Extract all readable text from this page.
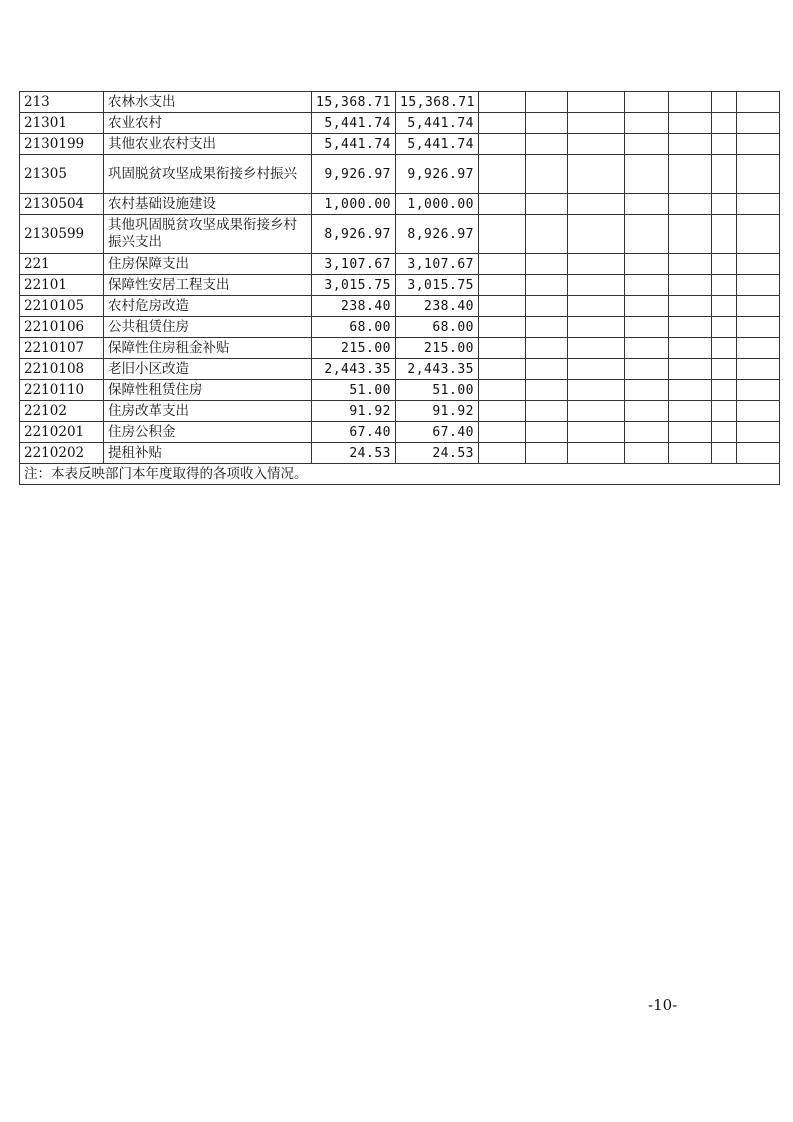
213	农林水支出	15,368.71	15,368.71							
21301	农业农村	5,441.74	5,441.74							
2130199	其他农业农村支出	5,441.74	5,441.74							
21305	巩固脱贫攻坚成果衔接乡村振兴	9,926.97	9,926.97							
2130504	农村基础设施建设	1,000.00	1,000.00							
2130599	其他巩固脱贫攻坚成果衔接乡村振兴支出	8,926.97	8,926.97							
221	住房保障支出	3,107.67	3,107.67							
22101	保障性安居工程支出	3,015.75	3,015.75							
2210105	农村危房改造	238.40	238.40							
2210106	公共租赁住房	68.00	68.00							
2210107	保障性住房租金补贴	215.00	215.00							
2210108	老旧小区改造	2,443.35	2,443.35							
2210110	保障性租赁住房	51.00	51.00							
22102	住房改革支出	91.92	91.92							
2210201	住房公积金	67.40	67.40							
2210202	提租补贴	24.53	24.53							
注：本表反映部门本年度取得的各项收入情况。										
-10-
